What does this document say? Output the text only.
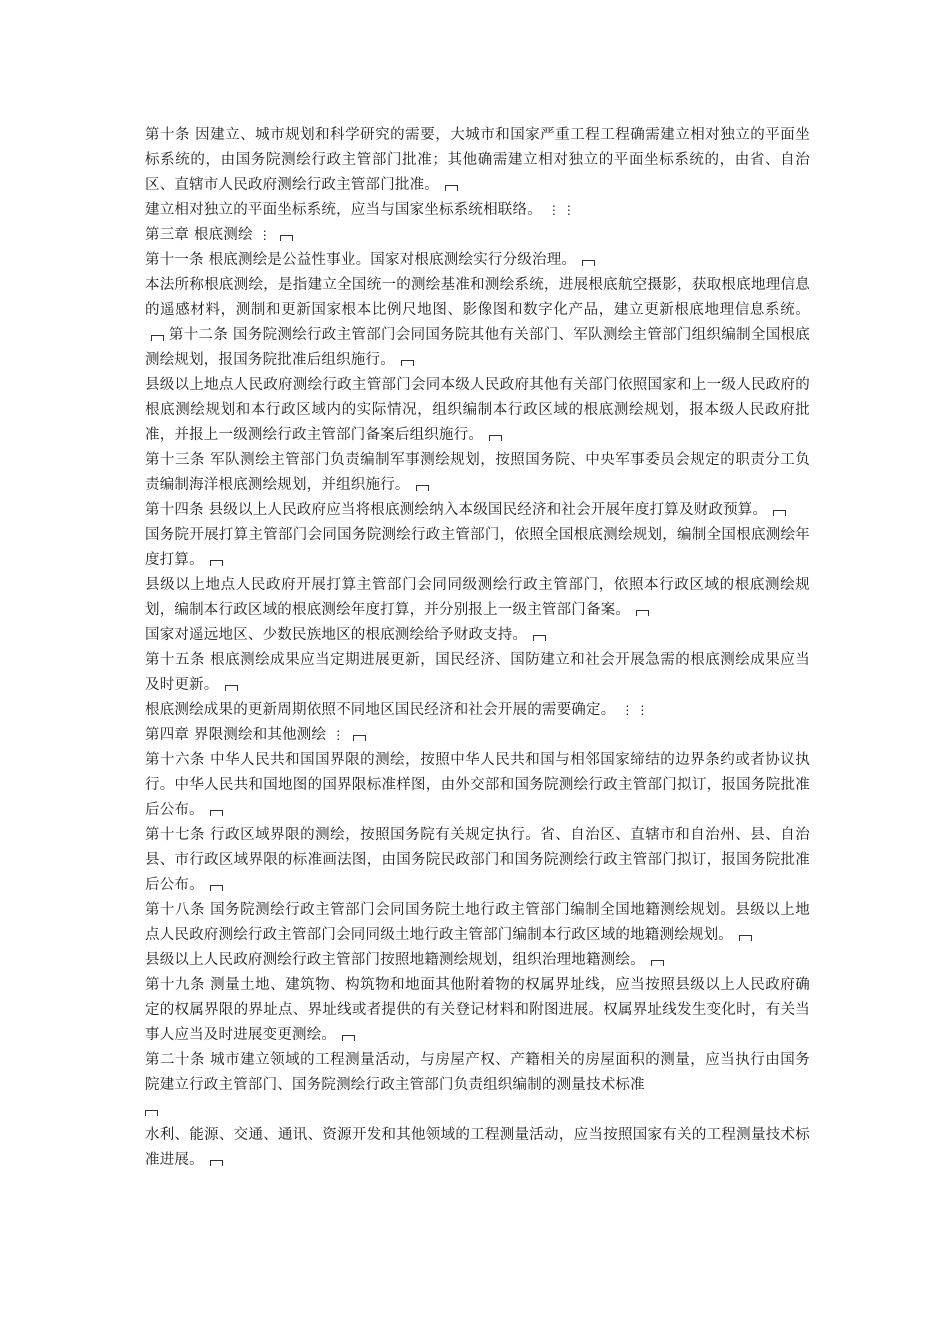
第十条 因建立、城市规划和科学研究的需要，大城市和国家严重工程工程确需建立相对独立的平面坐标系统的，由国务院测绘行政主管部门批准；其他确需建立相对独立的平面坐标系统的，由省、自治区、直辖市人民政府测绘行政主管部门批准。

建立相对独立的平面坐标系统，应当与国家坐标系统相联络。 ⋮⋮

第三章 根底测绘 ⋮

第十一条 根底测绘是公益性事业。国家对根底测绘实行分级治理。

本法所称根底测绘，是指建立全国统一的测绘基准和测绘系统，进展根底航空摄影，获取根底地理信息的遥感材料，测制和更新国家根本比例尺地图、影像图和数字化产品，建立更新根底地理信息系统。 第十二条 国务院测绘行政主管部门会同国务院其他有关部门、军队测绘主管部门组织编制全国根底测绘规划，报国务院批准后组织施行。

县级以上地点人民政府测绘行政主管部门会同本级人民政府其他有关部门依照国家和上一级人民政府的根底测绘规划和本行政区域内的实际情况，组织编制本行政区域的根底测绘规划，报本级人民政府批准，并报上一级测绘行政主管部门备案后组织施行。

第十三条 军队测绘主管部门负责编制军事测绘规划，按照国务院、中央军事委员会规定的职责分工负责编制海洋根底测绘规划，并组织施行。

第十四条 县级以上人民政府应当将根底测绘纳入本级国民经济和社会开展年度打算及财政预算。

国务院开展打算主管部门会同国务院测绘行政主管部门，依照全国根底测绘规划，编制全国根底测绘年度打算。

县级以上地点人民政府开展打算主管部门会同同级测绘行政主管部门，依照本行政区域的根底测绘规划，编制本行政区域的根底测绘年度打算，并分别报上一级主管部门备案。

国家对遥远地区、少数民族地区的根底测绘给予财政支持。

第十五条 根底测绘成果应当定期进展更新，国民经济、国防建立和社会开展急需的根底测绘成果应当及时更新。

根底测绘成果的更新周期依照不同地区国民经济和社会开展的需要确定。 ⋮⋮

第四章 界限测绘和其他测绘 ⋮

第十六条 中华人民共和国国界限的测绘，按照中华人民共和国与相邻国家缔结的边界条约或者协议执行。中华人民共和国地图的国界限标准样图，由外交部和国务院测绘行政主管部门拟订，报国务院批准后公布。

第十七条 行政区域界限的测绘，按照国务院有关规定执行。省、自治区、直辖市和自治州、县、自治县、市行政区域界限的标准画法图，由国务院民政部门和国务院测绘行政主管部门拟订，报国务院批准后公布。

第十八条 国务院测绘行政主管部门会同国务院土地行政主管部门编制全国地籍测绘规划。县级以上地点人民政府测绘行政主管部门会同同级土地行政主管部门编制本行政区域的地籍测绘规划。

县级以上人民政府测绘行政主管部门按照地籍测绘规划，组织治理地籍测绘。

第十九条 测量土地、建筑物、构筑物和地面其他附着物的权属界址线，应当按照县级以上人民政府确定的权属界限的界址点、界址线或者提供的有关登记材料和附图进展。权属界址线发生变化时，有关当事人应当及时进展变更测绘。

第二十条 城市建立领域的工程测量活动，与房屋产权、产籍相关的房屋面积的测量，应当执行由国务院建立行政主管部门、国务院测绘行政主管部门负责组织编制的测量技术标准

水利、能源、交通、通讯、资源开发和其他领域的工程测量活动，应当按照国家有关的工程测量技术标准进展。
